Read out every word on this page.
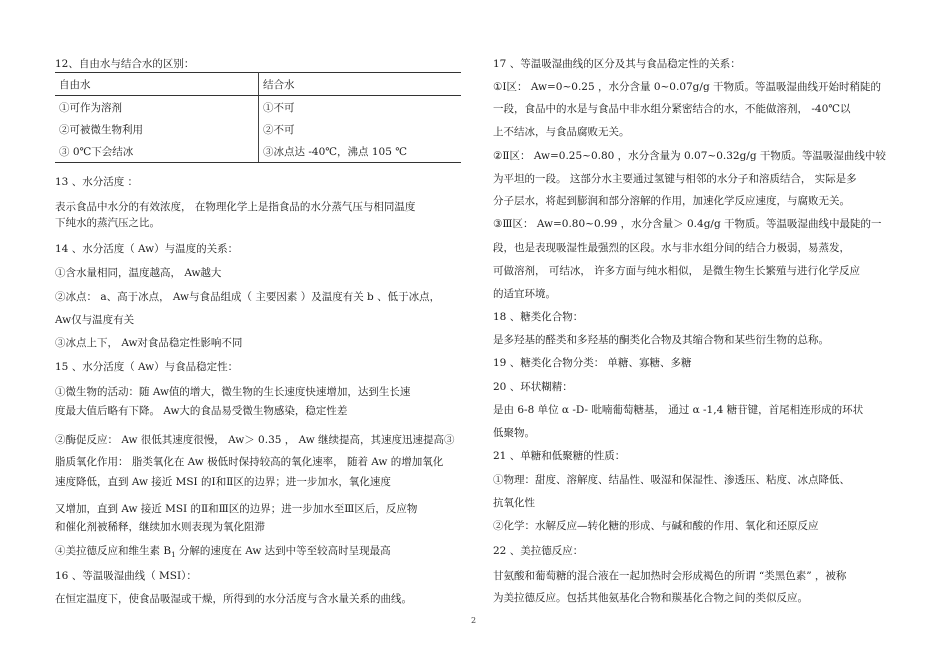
12、自由水与结合水的区别：
自由水	结合水
①可作为溶剂	①不可
②可被微生物利用	②不可
③ 0℃下会结冰	③冰点达 -40℃，沸点 105 ℃
13 、水分活度 ：
表示食品中水分的有效浓度， 在物理化学上是指食品的水分蒸气压与相同温度
下纯水的蒸汽压之比。
14 、水分活度（ Aw）与温度的关系：
①含水量相同，温度越高， Aw越大
②冰点： a、高于冰点， Aw与食品组成（ 主要因素 ）及温度有关 b 、低于冰点，
Aw仅与温度有关
③冰点上下， Aw对食品稳定性影响不同
15 、水分活度（ Aw）与食品稳定性：
①微生物的活动：随 Aw值的增大，微生物的生长速度快速增加，达到生长速
度最大值后略有下降。 Aw大的食品易受微生物感染，稳定性差
②酶促反应： Aw 很低其速度很慢， Aw＞ 0.35 ， Aw 继续提高，其速度迅速提高③
脂质氧化作用： 脂类氧化在 Aw 极低时保持较高的氧化速率， 随着 Aw 的增加氧化
速度降低，直到 Aw 接近 MSI 的Ⅰ和Ⅱ区的边界；进一步加水，氧化速度
又增加，直到 Aw 接近 MSI 的Ⅱ和Ⅲ区的边界；进一步加水至Ⅲ区后，反应物
和催化剂被稀释，继续加水则表现为氧化阻滞
④美拉德反应和维生素 $B_1$ 分解的速度在 Aw 达到中等至较高时呈现最高
16 、等温吸湿曲线（ MSI）：
在恒定温度下，使食品吸湿或干燥，所得到的水分活度与含水量关系的曲线。
17 、等温吸湿曲线的区分及其与食品稳定性的关系：
①Ⅰ区： Aw=0~0.25 ，水分含量 0~0.07g/g 干物质。等温吸湿曲线开始时稍陡的
一段，食品中的水是与食品中非水组分紧密结合的水，不能做溶剂， -40℃以
上不结冰，与食品腐败无关。
②Ⅱ区： Aw=0.25~0.80 ，水分含量为 0.07~0.32g/g 干物质。等温吸湿曲线中较
为平坦的一段。 这部分水主要通过氢键与相邻的水分子和溶质结合， 实际是多
分子层水，将起到膨润和部分溶解的作用，加速化学反应速度，与腐败无关。
③Ⅲ区： Aw=0.80~0.99 ，水分含量＞ 0.4g/g 干物质。等温吸湿曲线中最陡的一
段，也是表现吸湿性最强烈的区段。水与非水组分间的结合力极弱，易蒸发，
可做溶剂， 可结冰， 许多方面与纯水相似， 是微生物生长繁殖与进行化学反应
的适宜环境。
18 、糖类化合物：
是多羟基的醛类和多羟基的酮类化合物及其缩合物和某些衍生物的总称。
19 、糖类化合物分类： 单糖、寡糖、多糖
20 、环状糊精：
是由 6-8 单位 α -D- 吡喃葡萄糖基， 通过 α -1,4 糖苷键，首尾相连形成的环状
低聚物。
21 、单糖和低聚糖的性质：
①物理：甜度、溶解度、结晶性、吸湿和保湿性、渗透压、粘度、冰点降低、
抗氧化性
②化学：水解反应—转化糖的形成、与碱和酸的作用、氧化和还原反应
22 、美拉德反应：
甘氨酸和葡萄糖的混合液在一起加热时会形成褐色的所谓 “类黑色素” ，被称
为美拉德反应。包括其他氨基化合物和羰基化合物之间的类似反应。
2
